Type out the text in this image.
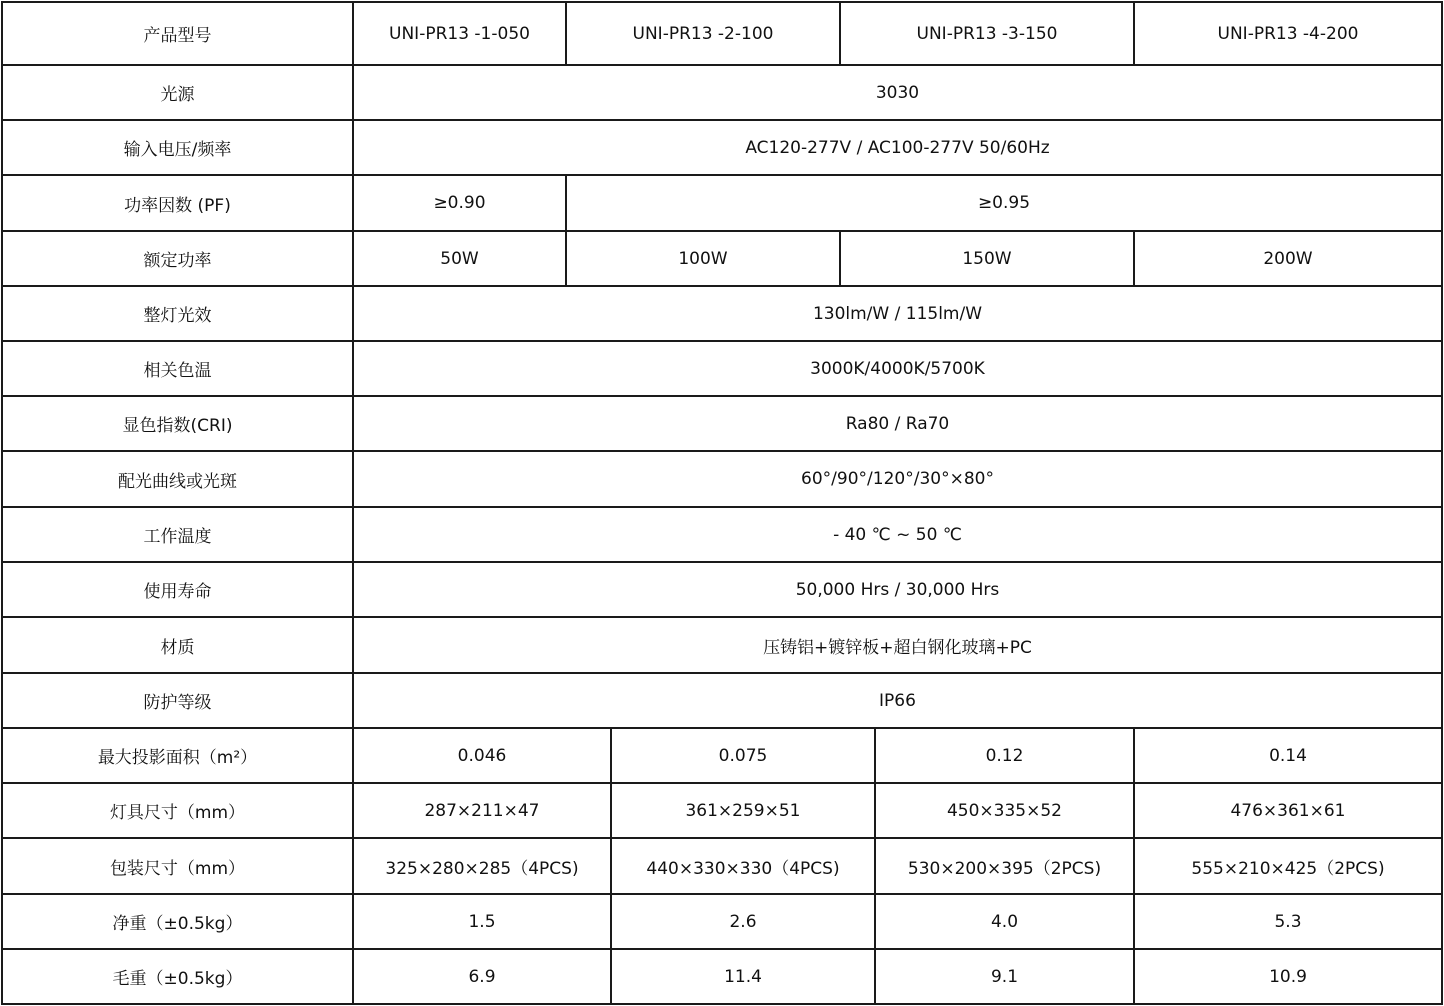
产品型号	UNI-PR13 -1-050	UNI-PR13 -2-100	UNI-PR13 -3-150	UNI-PR13 -4-200
光源	3030
输入电压/频率	AC120-277V / AC100-277V 50/60Hz
功率因数 (PF)	≥0.90	≥0.95
额定功率	50W	100W	150W	200W
整灯光效	130lm/W / 115lm/W
相关色温	3000K/4000K/5700K
显色指数(CRI)	Ra80 / Ra70
配光曲线或光斑	60°/90°/120°/30°×80°
工作温度	- 40 ℃ ~ 50 ℃
使用寿命	50,000 Hrs / 30,000 Hrs
材质	压铸铝+镀锌板+超白钢化玻璃+PC
防护等级	IP66
最大投影面积（m²）	0.046	0.075	0.12	0.14
灯具尺寸（mm）	287×211×47	361×259×51	450×335×52	476×361×61
包装尺寸（mm）	325×280×285（4PCS)	440×330×330（4PCS)	530×200×395（2PCS)	555×210×425（2PCS)
净重（±0.5kg）	1.5	2.6	4.0	5.3
毛重（±0.5kg）	6.9	11.4	9.1	10.9
